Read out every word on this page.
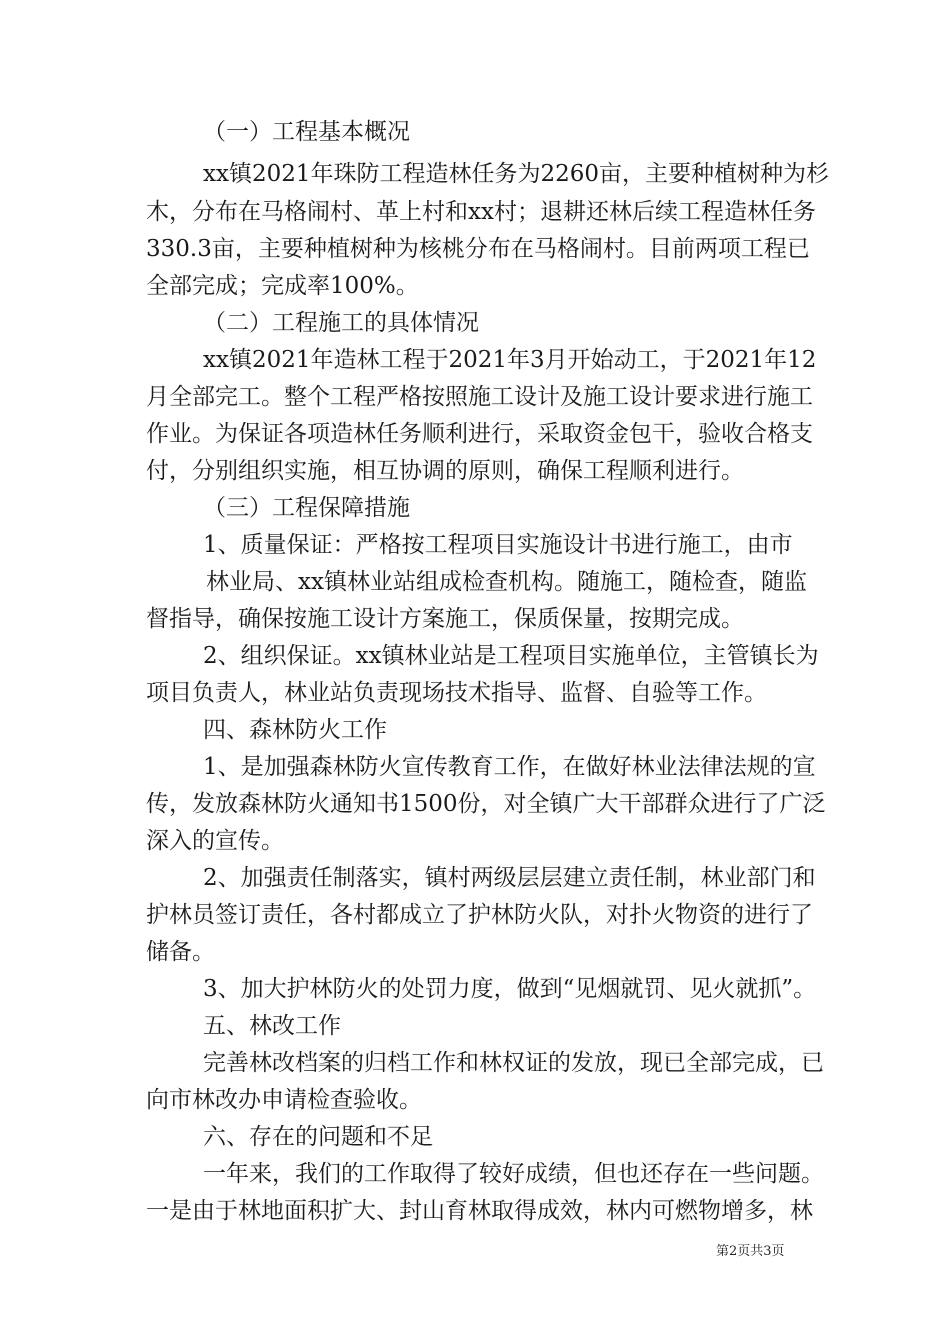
（一）工程基本概况
xx镇2021年珠防工程造林任务为2260亩，主要种植树种为杉
木，分布在马格闹村、革上村和xx村；退耕还林后续工程造林任务
330.3亩，主要种植树种为核桃分布在马格闹村。目前两项工程已
全部完成；完成率100%。
（二）工程施工的具体情况
xx镇2021年造林工程于2021年3月开始动工，于2021年12
月全部完工。整个工程严格按照施工设计及施工设计要求进行施工
作业。为保证各项造林任务顺利进行，采取资金包干，验收合格支
付，分别组织实施，相互协调的原则，确保工程顺利进行。
（三）工程保障措施
1、质量保证：严格按工程项目实施设计书进行施工，由市
林业局、xx镇林业站组成检查机构。随施工，随检查，随监
督指导，确保按施工设计方案施工，保质保量，按期完成。
2、组织保证。xx镇林业站是工程项目实施单位，主管镇长为
项目负责人，林业站负责现场技术指导、监督、自验等工作。
四、森林防火工作
1、是加强森林防火宣传教育工作，在做好林业法律法规的宣
传，发放森林防火通知书1500份，对全镇广大干部群众进行了广泛
深入的宣传。
2、加强责任制落实，镇村两级层层建立责任制，林业部门和
护林员签订责任，各村都成立了护林防火队，对扑火物资的进行了
储备。
3、加大护林防火的处罚力度，做到“见烟就罚、见火就抓”。
五、林改工作
完善林改档案的归档工作和林权证的发放，现已全部完成，已
向市林改办申请检查验收。
六、存在的问题和不足
一年来，我们的工作取得了较好成绩，但也还存在一些问题。
一是由于林地面积扩大、封山育林取得成效，林内可燃物增多，林
第2页共3页
